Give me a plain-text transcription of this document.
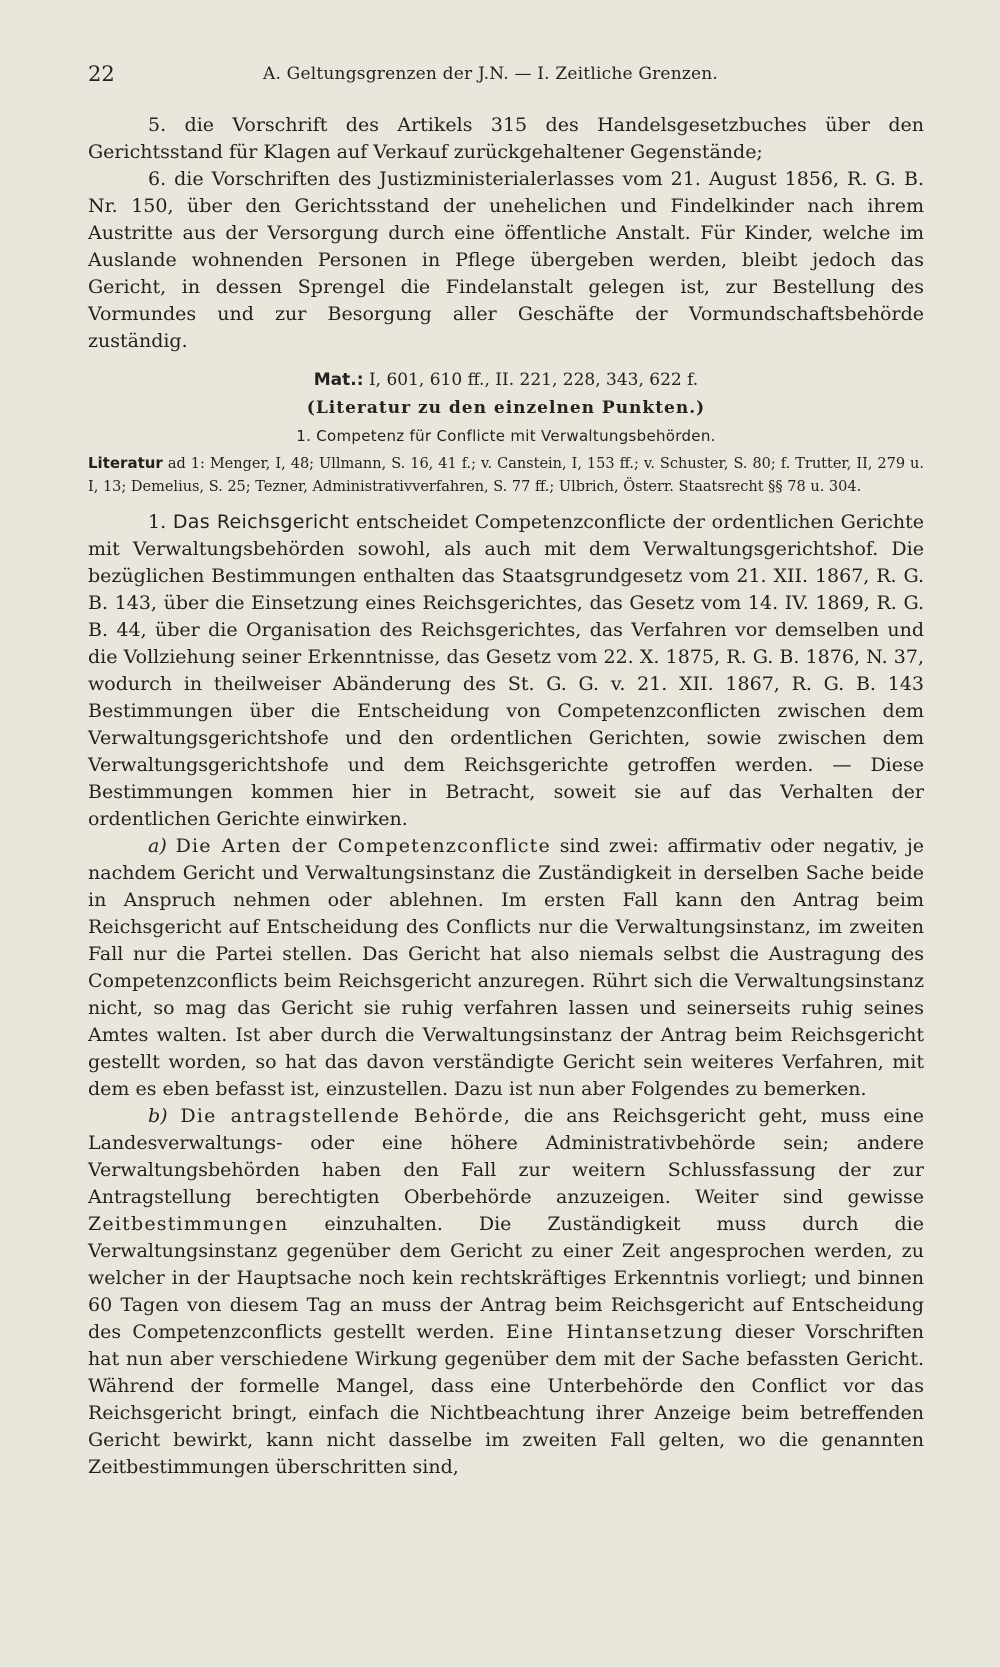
22	A. Geltungsgrenzen der J.N. — I. Zeitliche Grenzen.

5. die Vorschrift des Artikels 315 des Handelsgesetzbuches über den Gerichtsstand für Klagen auf Verkauf zurückgehaltener Gegenstände;

6. die Vorschriften des Justizministerialerlasses vom 21. August 1856, R. G. B. Nr. 150, über den Gerichtsstand der unehelichen und Findelkinder nach ihrem Austritte aus der Versorgung durch eine öffentliche Anstalt. Für Kinder, welche im Auslande wohnenden Personen in Pflege übergeben werden, bleibt jedoch das Gericht, in dessen Sprengel die Findelanstalt gelegen ist, zur Bestellung des Vormundes und zur Besorgung aller Geschäfte der Vormundschaftsbehörde zuständig.

Mat.: I, 601, 610 ff., II. 221, 228, 343, 622 f.

(Literatur zu den einzelnen Punkten.)

1. Competenz für Conflicte mit Verwaltungsbehörden.

Literatur ad 1: Menger, I, 48; Ullmann, S. 16, 41 f.; v. Canstein, I, 153 ff.; v. Schuster, S. 80; f. Trutter, II, 279 u. I, 13; Demelius, S. 25; Tezner, Administrativverfahren, S. 77 ff.; Ulbrich, Österr. Staatsrecht §§ 78 u. 304.

1. Das Reichsgericht entscheidet Competenzconflicte der ordentlichen Gerichte mit Verwaltungsbehörden sowohl, als auch mit dem Verwaltungsgerichtshof. Die bezüglichen Bestimmungen enthalten das Staatsgrundgesetz vom 21. XII. 1867, R. G. B. 143, über die Einsetzung eines Reichsgerichtes, das Gesetz vom 14. IV. 1869, R. G. B. 44, über die Organisation des Reichsgerichtes, das Verfahren vor demselben und die Vollziehung seiner Erkenntnisse, das Gesetz vom 22. X. 1875, R. G. B. 1876, N. 37, wodurch in theilweiser Abänderung des St. G. G. v. 21. XII. 1867, R. G. B. 143 Bestimmungen über die Entscheidung von Competenzconflicten zwischen dem Verwaltungsgerichtshofe und den ordentlichen Gerichten, sowie zwischen dem Verwaltungsgerichtshofe und dem Reichsgerichte getroffen werden. — Diese Bestimmungen kommen hier in Betracht, soweit sie auf das Verhalten der ordentlichen Gerichte einwirken.

a) Die Arten der Competenzconflicte sind zwei: affirmativ oder negativ, je nachdem Gericht und Verwaltungsinstanz die Zuständigkeit in derselben Sache beide in Anspruch nehmen oder ablehnen. Im ersten Fall kann den Antrag beim Reichsgericht auf Entscheidung des Conflicts nur die Verwaltungsinstanz, im zweiten Fall nur die Partei stellen. Das Gericht hat also niemals selbst die Austragung des Competenzconflicts beim Reichsgericht anzuregen. Rührt sich die Verwaltungsinstanz nicht, so mag das Gericht sie ruhig verfahren lassen und seinerseits ruhig seines Amtes walten. Ist aber durch die Verwaltungsinstanz der Antrag beim Reichsgericht gestellt worden, so hat das davon verständigte Gericht sein weiteres Verfahren, mit dem es eben befasst ist, einzustellen. Dazu ist nun aber Folgendes zu bemerken.

b) Die antragstellende Behörde, die ans Reichsgericht geht, muss eine Landesverwaltungs- oder eine höhere Administrativbehörde sein; andere Verwaltungsbehörden haben den Fall zur weitern Schlussfassung der zur Antragstellung berechtigten Oberbehörde anzuzeigen. Weiter sind gewisse Zeitbestimmungen einzuhalten. Die Zuständigkeit muss durch die Verwaltungsinstanz gegenüber dem Gericht zu einer Zeit angesprochen werden, zu welcher in der Hauptsache noch kein rechtskräftiges Erkenntnis vorliegt; und binnen 60 Tagen von diesem Tag an muss der Antrag beim Reichsgericht auf Entscheidung des Competenzconflicts gestellt werden. Eine Hintansetzung dieser Vorschriften hat nun aber verschiedene Wirkung gegenüber dem mit der Sache befassten Gericht. Während der formelle Mangel, dass eine Unterbehörde den Conflict vor das Reichsgericht bringt, einfach die Nichtbeachtung ihrer Anzeige beim betreffenden Gericht bewirkt, kann nicht dasselbe im zweiten Fall gelten, wo die genannten Zeitbestimmungen überschritten sind,
